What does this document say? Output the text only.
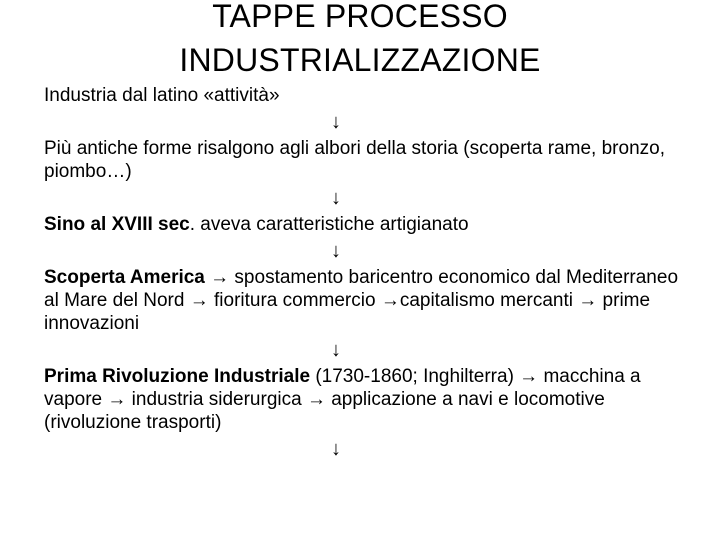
TAPPE PROCESSO
INDUSTRIALIZZAZIONE

Industria dal latino «attività»

↓

Più antiche forme risalgono agli albori della storia (scoperta rame, bronzo, piombo…)

↓

Sino al XVIII sec. aveva caratteristiche artigianato

↓

Scoperta America → spostamento baricentro economico dal Mediterraneo al Mare del Nord → fioritura commercio →capitalismo mercanti → prime innovazioni

↓

Prima Rivoluzione Industriale (1730-1860; Inghilterra) → macchina a vapore → industria siderurgica → applicazione a navi e locomotive (rivoluzione trasporti)

↓
